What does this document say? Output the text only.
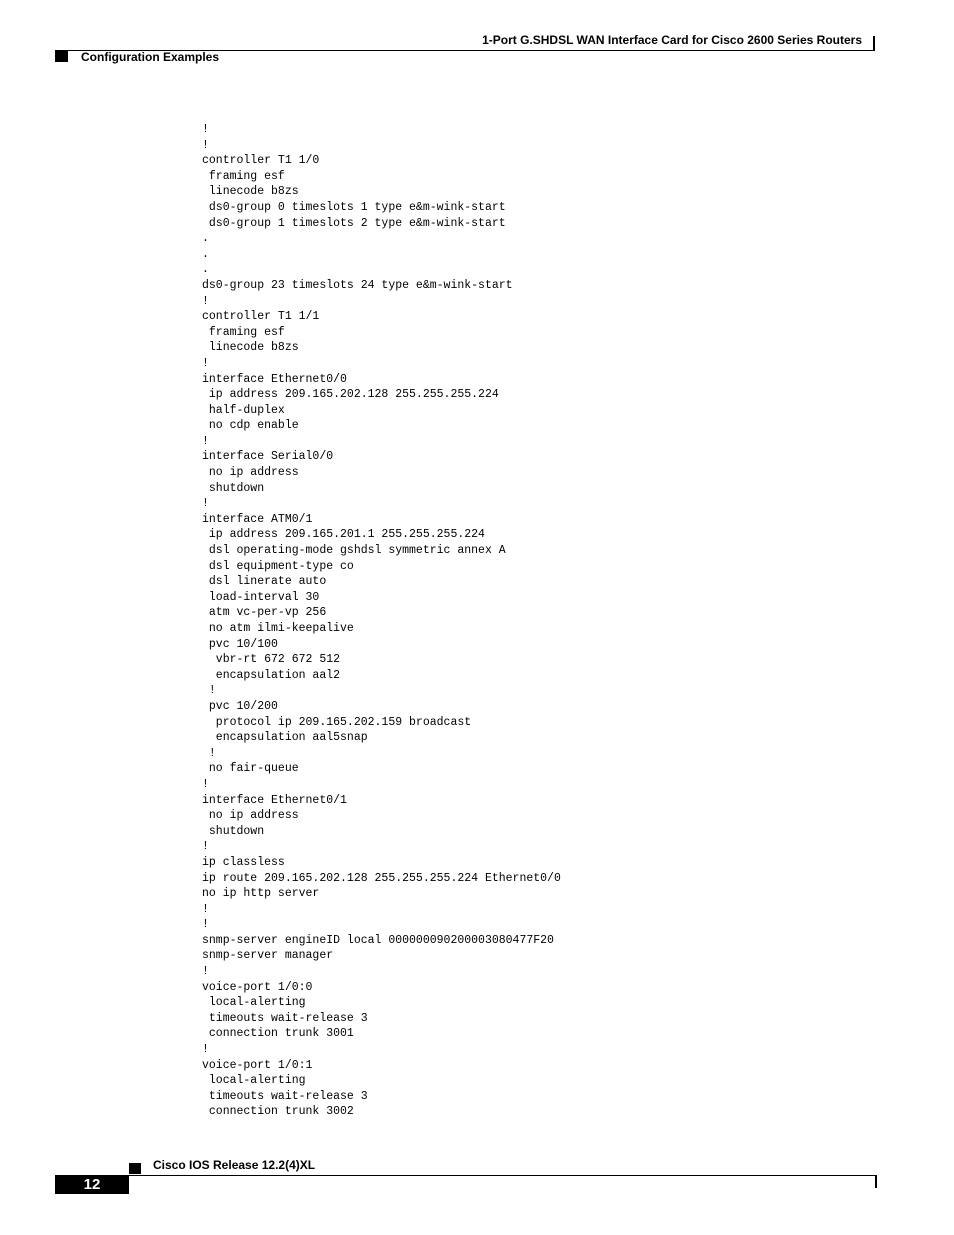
1-Port G.SHDSL WAN Interface Card for Cisco 2600 Series Routers
Configuration Examples
!
!
controller T1 1/0
framing esf
linecode b8zs
ds0-group 0 timeslots 1 type e&m-wink-start
ds0-group 1 timeslots 2 type e&m-wink-start
.
.
.
ds0-group 23 timeslots 24 type e&m-wink-start
!
controller T1 1/1
framing esf
linecode b8zs
!
interface Ethernet0/0
ip address 209.165.202.128 255.255.255.224
half-duplex
no cdp enable
!
interface Serial0/0
no ip address
shutdown
!
interface ATM0/1
ip address 209.165.201.1 255.255.255.224
dsl operating-mode gshdsl symmetric annex A
dsl equipment-type co
dsl linerate auto
load-interval 30
atm vc-per-vp 256
no atm ilmi-keepalive
pvc 10/100
vbr-rt 672 672 512
encapsulation aal2
!
pvc 10/200
protocol ip 209.165.202.159 broadcast
encapsulation aal5snap
!
no fair-queue
!
interface Ethernet0/1
no ip address
shutdown
!
ip classless
ip route 209.165.202.128 255.255.255.224 Ethernet0/0
no ip http server
!
!
snmp-server engineID local 000000090200003080477F20
snmp-server manager
!
voice-port 1/0:0
local-alerting
timeouts wait-release 3
connection trunk 3001
!
voice-port 1/0:1
local-alerting
timeouts wait-release 3
connection trunk 3002
Cisco IOS Release 12.2(4)XL
12
